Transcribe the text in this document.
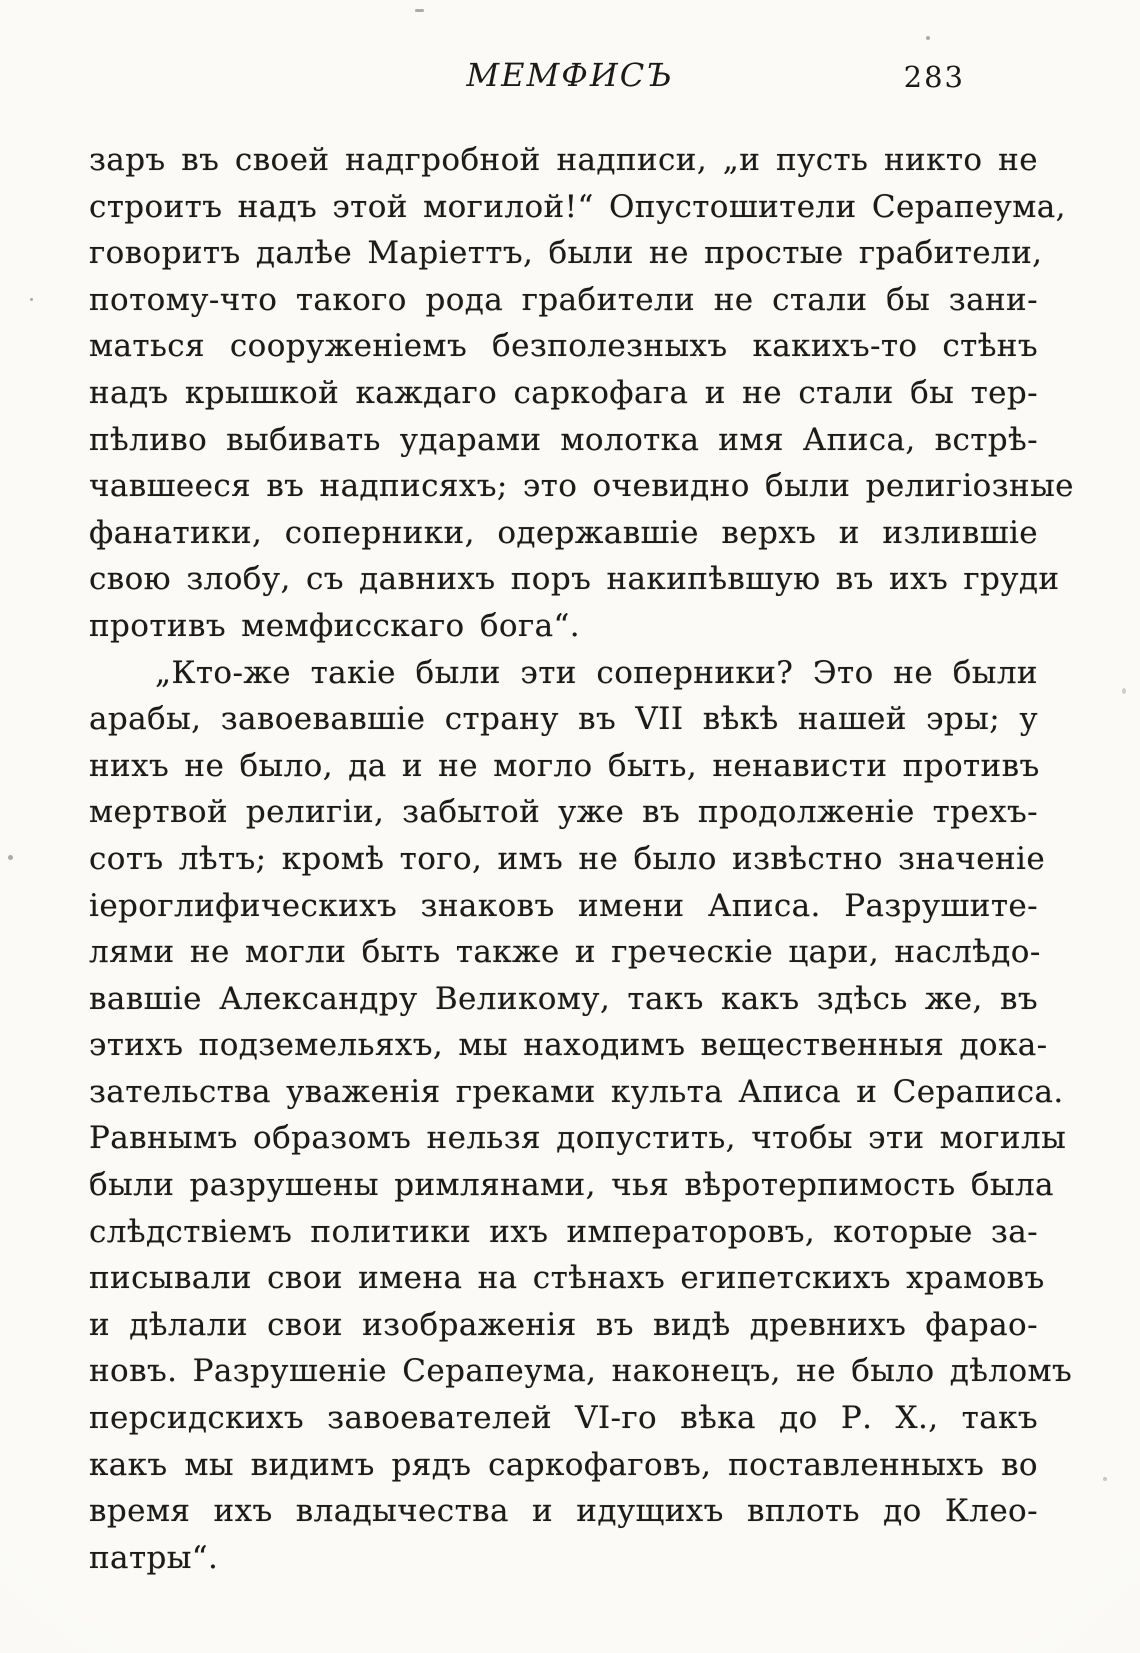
МЕМФИСЪ	283
заръ въ своей надгробной надписи, „и пусть никто не
строитъ надъ этой могилой!“ Опустошители Серапеума,
говоритъ далѣе Маріеттъ, были не простые грабители,
потому-что такого рода грабители не стали бы зани-
маться сооруженіемъ безполезныхъ какихъ-то стѣнъ
надъ крышкой каждаго саркофага и не стали бы тер-
пѣливо выбивать ударами молотка имя Аписа, встрѣ-
чавшееся въ надписяхъ; это очевидно были религіозные
фанатики, соперники, одержавшіе верхъ и излившіе
свою злобу, съ давнихъ поръ накипѣвшую въ ихъ груди
противъ мемфисскаго бога“.
„Кто-же такіе были эти соперники? Это не были
арабы, завоевавшіе страну въ VII вѣкѣ нашей эры; у
нихъ не было, да и не могло быть, ненависти противъ
мертвой религіи, забытой уже въ продолженіе трехъ-
сотъ лѣтъ; кромѣ того, имъ не было извѣстно значеніе
іероглифическихъ знаковъ имени Аписа. Разрушите-
лями не могли быть также и греческіе цари, наслѣдо-
вавшіе Александру Великому, такъ какъ здѣсь же, въ
этихъ подземельяхъ, мы находимъ вещественныя дока-
зательства уваженія греками культа Аписа и Сераписа.
Равнымъ образомъ нельзя допустить, чтобы эти могилы
были разрушены римлянами, чья вѣротерпимость была
слѣдствіемъ политики ихъ императоровъ, которые за-
писывали свои имена на стѣнахъ египетскихъ храмовъ
и дѣлали свои изображенія въ видѣ древнихъ фарао-
новъ. Разрушеніе Серапеума, наконецъ, не было дѣломъ
персидскихъ завоевателей VI-го вѣка до Р. Х., такъ
какъ мы видимъ рядъ саркофаговъ, поставленныхъ во
время ихъ владычества и идущихъ вплоть до Клео-
патры“.
